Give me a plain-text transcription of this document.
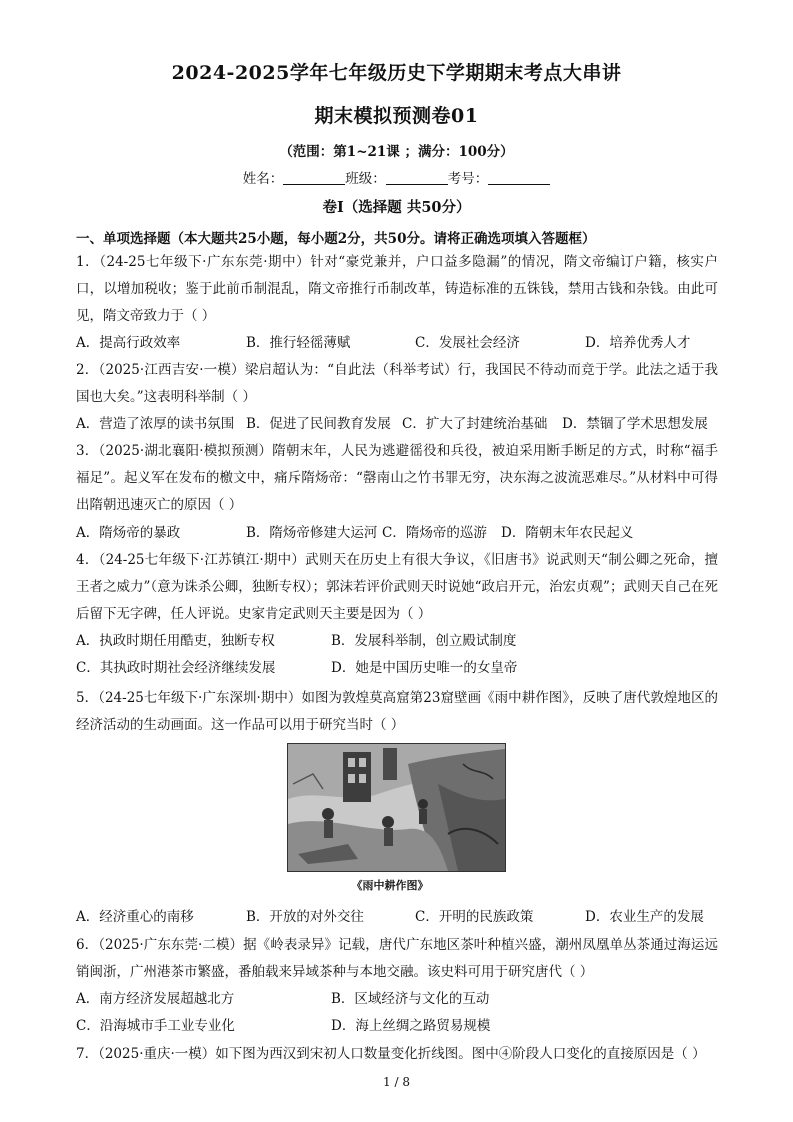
2024-2025学年七年级历史下学期期末考点大串讲
期末模拟预测卷01
（范围：第1~21课 ；满分：100分）
姓名：	班级：	考号：
卷I（选择题 共50分）
一、单项选择题（本大题共25小题，每小题2分，共50分。请将正确选项填入答题框）
1．（24-25七年级下·广东东莞·期中）针对“豪党兼并，户口益多隐漏”的情况，隋文帝编订户籍，核实户口，以增加税收；鉴于此前币制混乱，隋文帝推行币制改革，铸造标准的五铢钱，禁用古钱和杂钱。由此可见，隋文帝致力于（ ）
A．提高行政效率	B．推行轻徭薄赋	C．发展社会经济	D．培养优秀人才
2．（2025·江西吉安·一模）梁启超认为：“自此法（科举考试）行，我国民不待动而竞于学。此法之适于我国也大矣。”这表明科举制（ ）
A．营造了浓厚的读书氛围 B．促进了民间教育发展 C．扩大了封建统治基础 D．禁锢了学术思想发展
3．（2025·湖北襄阳·模拟预测）隋朝末年，人民为逃避徭役和兵役，被迫采用断手断足的方式，时称“福手福足”。起义军在发布的檄文中，痛斥隋炀帝：“罄南山之竹书罪无穷，决东海之波流恶难尽。”从材料中可得出隋朝迅速灭亡的原因（ ）
A．隋炀帝的暴政	B．隋炀帝修建大运河 C．隋炀帝的巡游 D．隋朝末年农民起义
4．（24-25七年级下·江苏镇江·期中）武则天在历史上有很大争议，《旧唐书》说武则天“制公卿之死命，擅王者之威力”（意为诛杀公卿，独断专权）；郭沫若评价武则天时说她“政启开元，治宏贞观”；武则天自己在死后留下无字碑，任人评说。史家肯定武则天主要是因为（ ）
A．执政时期任用酷吏，独断专权	B．发展科举制，创立殿试制度
C．其执政时期社会经济继续发展	D．她是中国历史唯一的女皇帝
5．（24-25七年级下·广东深圳·期中）如图为敦煌莫高窟第23窟壁画《雨中耕作图》，反映了唐代敦煌地区的经济活动的生动画面。这一作品可以用于研究当时（ ）
《雨中耕作图》
A．经济重心的南移	B．开放的对外交往	C．开明的民族政策	D．农业生产的发展
6．（2025·广东东莞·二模）据《岭表录异》记载，唐代广东地区茶叶种植兴盛，潮州凤凰单丛茶通过海运远销闽浙，广州港茶市繁盛，番舶载来异域茶种与本地交融。该史料可用于研究唐代（ ）
A．南方经济发展超越北方	B．区域经济与文化的互动
C．沿海城市手工业专业化	D．海上丝绸之路贸易规模
7．（2025·重庆·一模）如下图为西汉到宋初人口数量变化折线图。图中④阶段人口变化的直接原因是（ ）
1 / 8
